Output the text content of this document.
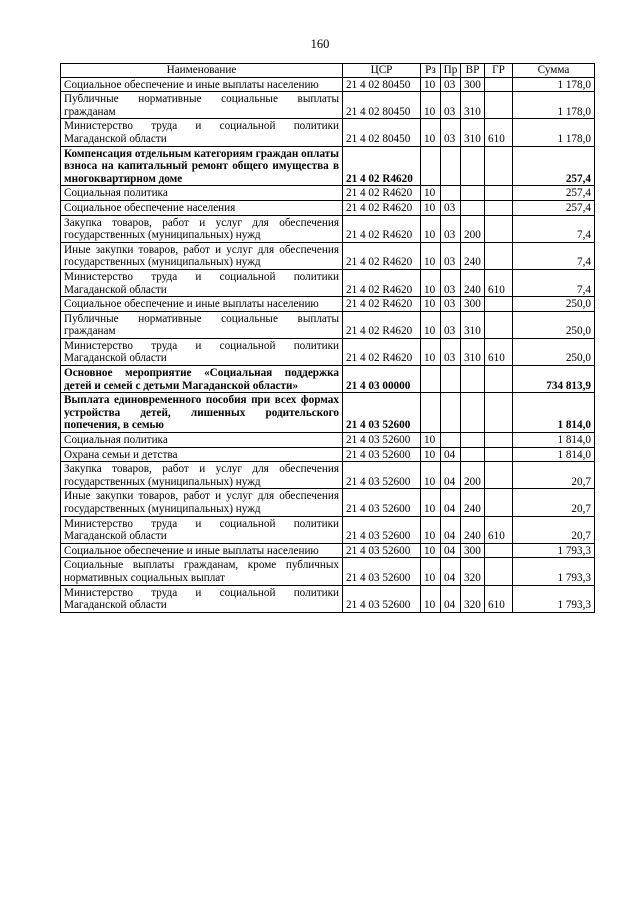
160
Наименование	ЦСР	Рз	Пр	ВР	ГР	Сумма
Социальное обеспечение и иные выплаты населению	21 4 02 80450	10	03	300		1 178,0
Публичные нормативные социальные выплаты гражданам	21 4 02 80450	10	03	310		1 178,0
Министерство труда и социальной политики Магаданской области	21 4 02 80450	10	03	310	610	1 178,0
Компенсация отдельным категориям граждан оплаты взноса на капитальный ремонт общего имущества в многоквартирном доме	21 4 02 R4620					257,4
Социальная политика	21 4 02 R4620	10				257,4
Социальное обеспечение населения	21 4 02 R4620	10	03			257,4
Закупка товаров, работ и услуг для обеспечения государственных (муниципальных) нужд	21 4 02 R4620	10	03	200		7,4
Иные закупки товаров, работ и услуг для обеспечения государственных (муниципальных) нужд	21 4 02 R4620	10	03	240		7,4
Министерство труда и социальной политики Магаданской области	21 4 02 R4620	10	03	240	610	7,4
Социальное обеспечение и иные выплаты населению	21 4 02 R4620	10	03	300		250,0
Публичные нормативные социальные выплаты гражданам	21 4 02 R4620	10	03	310		250,0
Министерство труда и социальной политики Магаданской области	21 4 02 R4620	10	03	310	610	250,0
Основное мероприятие «Социальная поддержка детей и семей с детьми Магаданской области»	21 4 03 00000					734 813,9
Выплата единовременного пособия при всех формах устройства детей, лишенных родительского попечения, в семью	21 4 03 52600					1 814,0
Социальная политика	21 4 03 52600	10				1 814,0
Охрана семьи и детства	21 4 03 52600	10	04			1 814,0
Закупка товаров, работ и услуг для обеспечения государственных (муниципальных) нужд	21 4 03 52600	10	04	200		20,7
Иные закупки товаров, работ и услуг для обеспечения государственных (муниципальных) нужд	21 4 03 52600	10	04	240		20,7
Министерство труда и социальной политики Магаданской области	21 4 03 52600	10	04	240	610	20,7
Социальное обеспечение и иные выплаты населению	21 4 03 52600	10	04	300		1 793,3
Социальные выплаты гражданам, кроме публичных нормативных социальных выплат	21 4 03 52600	10	04	320		1 793,3
Министерство труда и социальной политики Магаданской области	21 4 03 52600	10	04	320	610	1 793,3
